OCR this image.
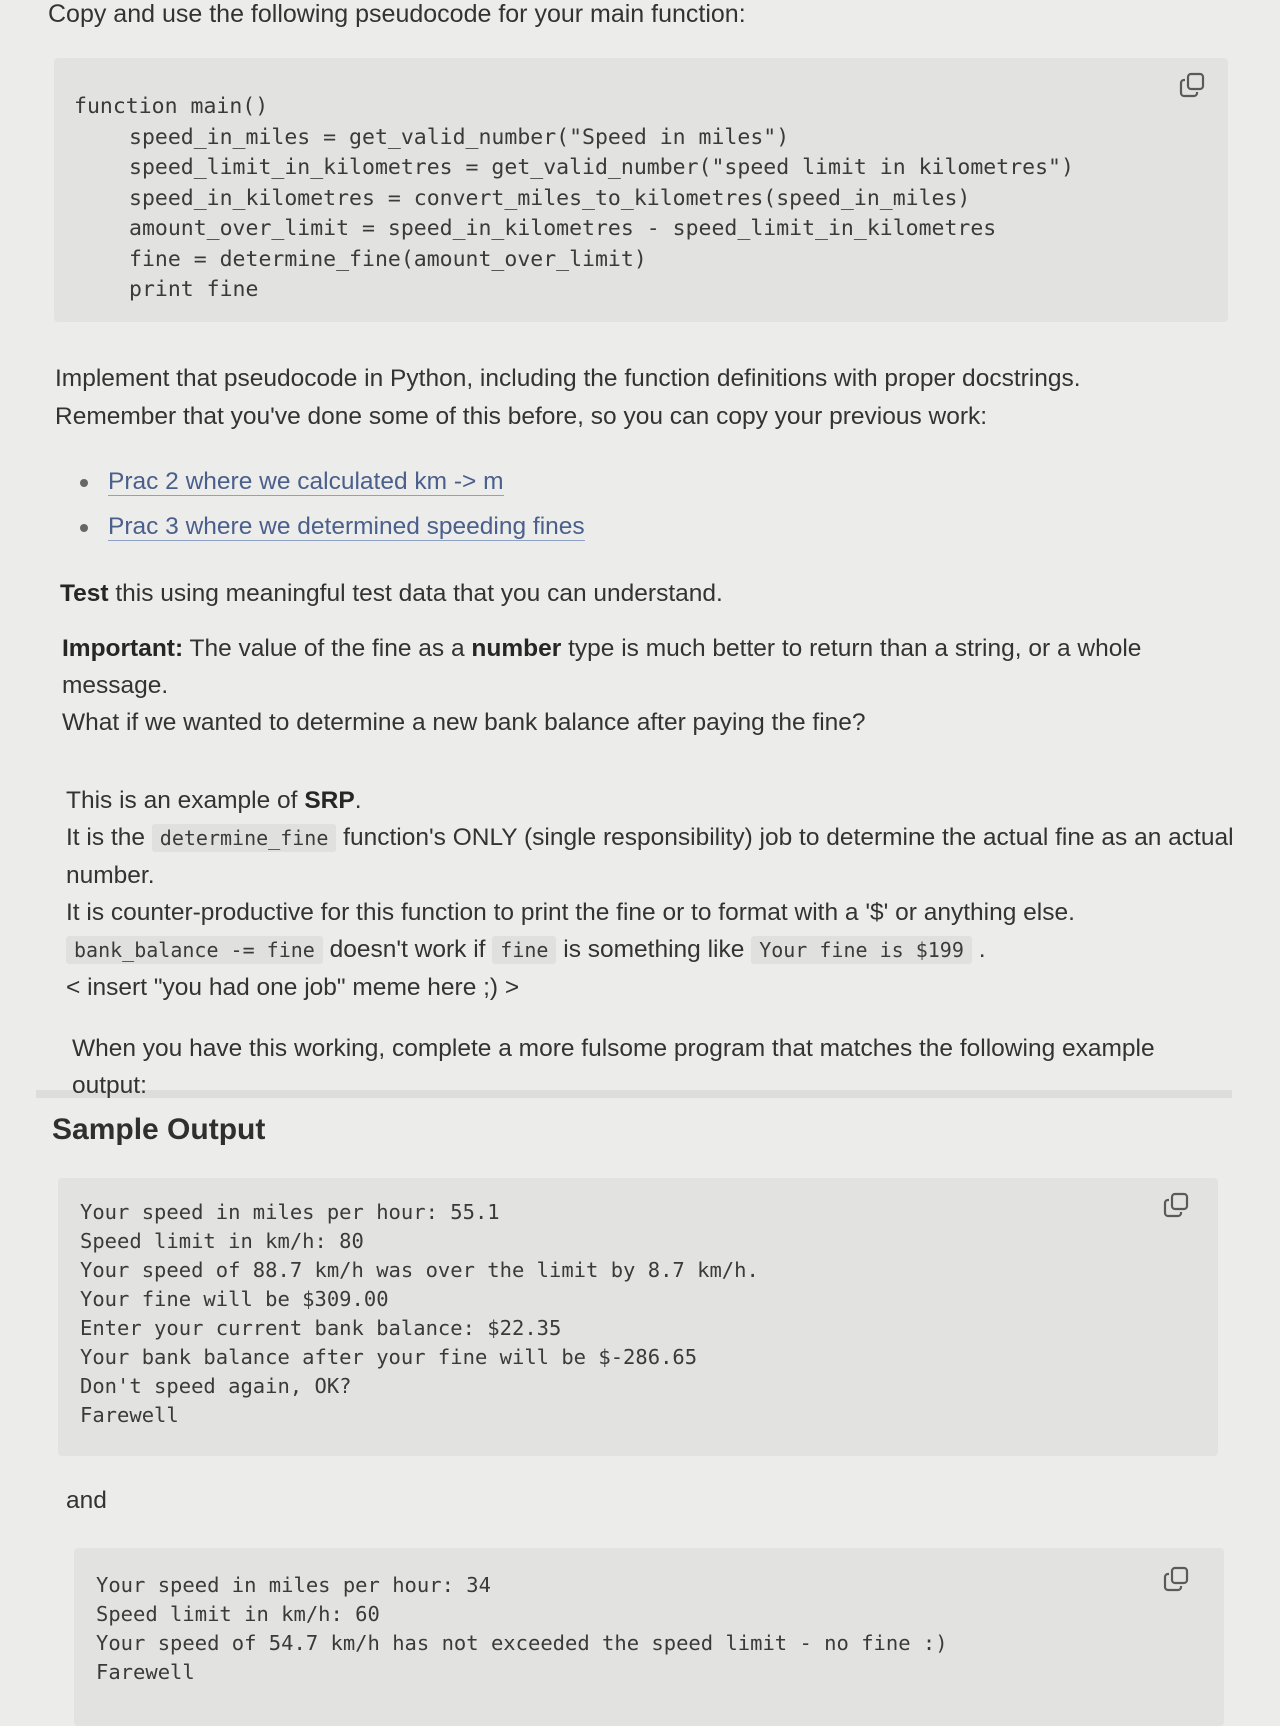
Copy and use the following pseudocode for your main function:

function main()
speed_in_miles = get_valid_number("Speed in miles")
speed_limit_in_kilometres = get_valid_number("speed limit in kilometres")
speed_in_kilometres = convert_miles_to_kilometres(speed_in_miles)
amount_over_limit = speed_in_kilometres - speed_limit_in_kilometres
fine = determine_fine(amount_over_limit)
print fine

Implement that pseudocode in Python, including the function definitions with proper docstrings.
Remember that you've done some of this before, so you can copy your previous work:

Prac 2 where we calculated km -> m
Prac 3 where we determined speeding fines

Test this using meaningful test data that you can understand.

Important: The value of the fine as a number type is much better to return than a string, or a whole message.
What if we wanted to determine a new bank balance after paying the fine?

This is an example of SRP.
It is the determine_fine function's ONLY (single responsibility) job to determine the actual fine as an actual number.
It is counter-productive for this function to print the fine or to format with a '$' or anything else.
bank_balance -= fine doesn't work if fine is something like Your fine is $199 .
< insert "you had one job" meme here ;) >

When you have this working, complete a more fulsome program that matches the following example output:

Sample Output
Your speed in miles per hour: 55.1
Speed limit in km/h: 80
Your speed of 88.7 km/h was over the limit by 8.7 km/h.
Your fine will be $309.00
Enter your current bank balance: $22.35
Your bank balance after your fine will be $-286.65
Don't speed again, OK?
Farewell

and

Your speed in miles per hour: 34
Speed limit in km/h: 60
Your speed of 54.7 km/h has not exceeded the speed limit - no fine :)
Farewell
